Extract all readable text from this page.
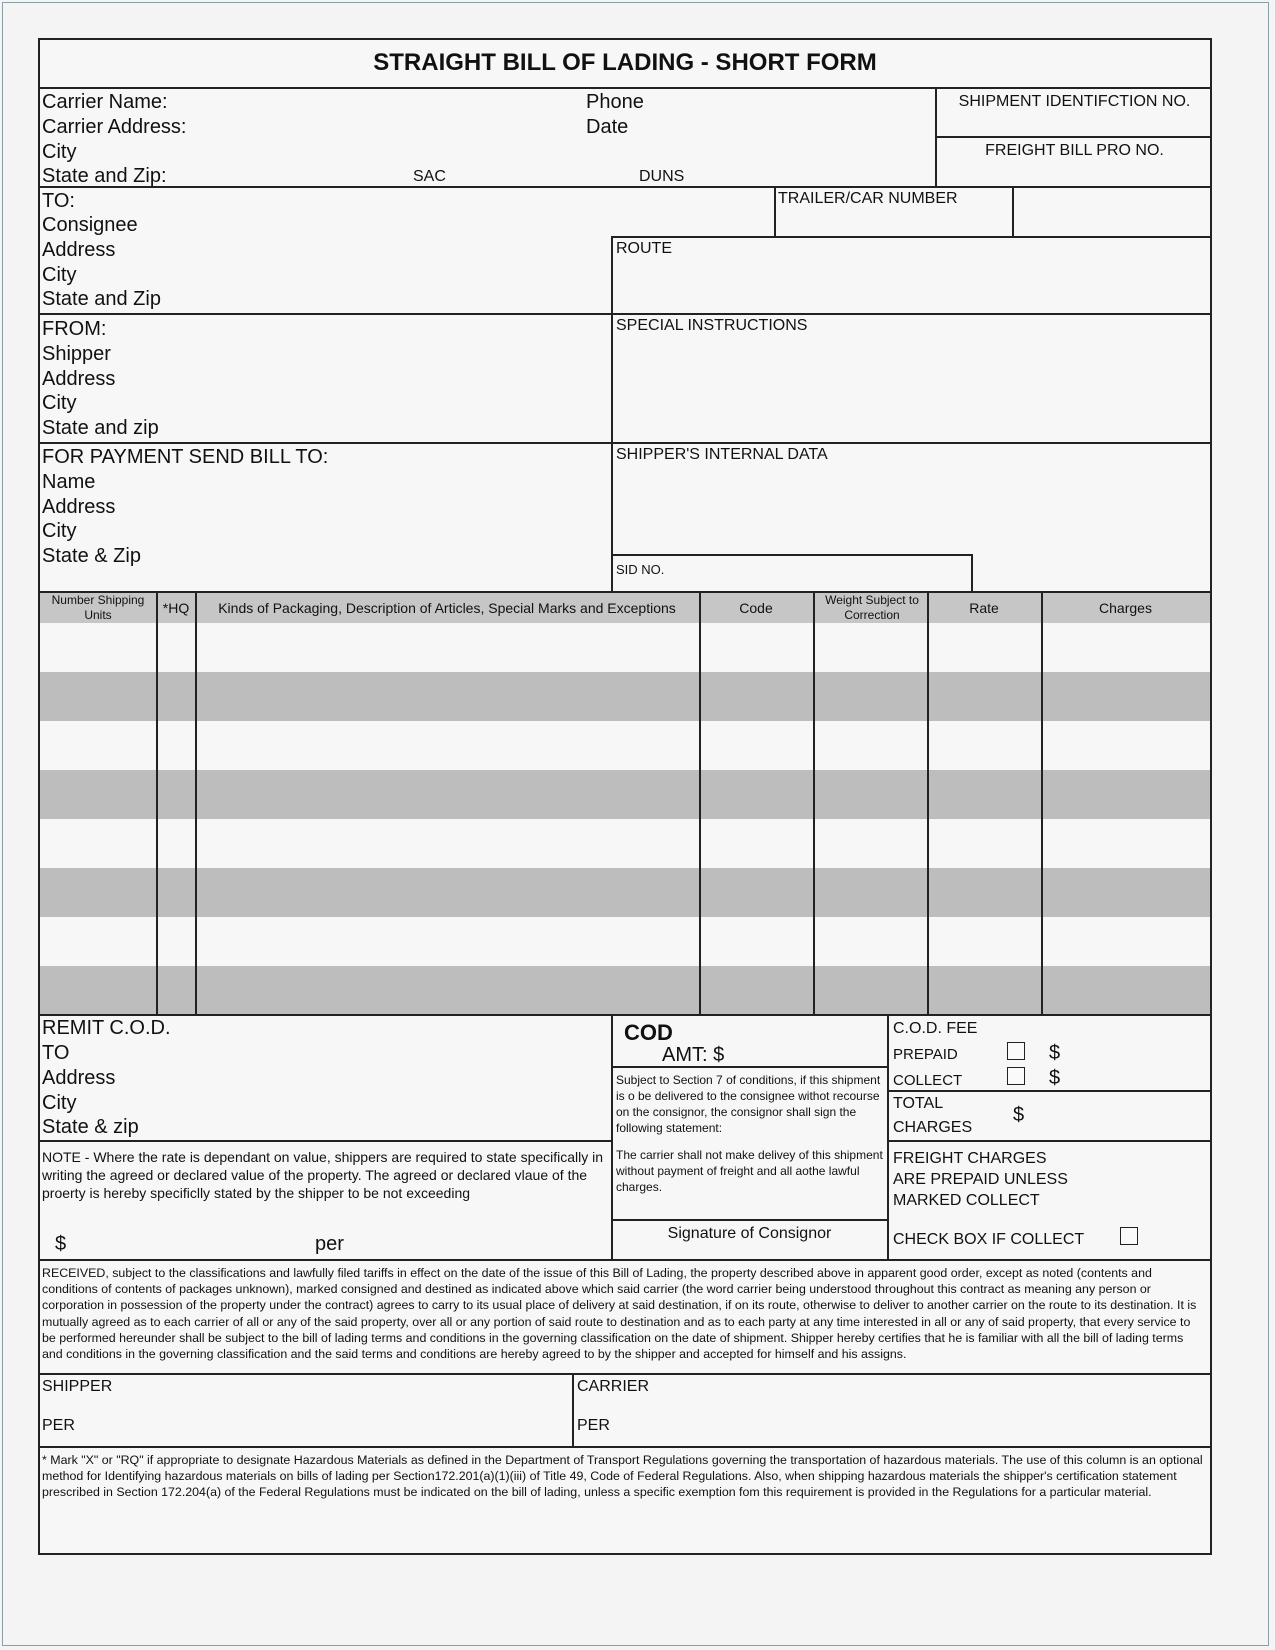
STRAIGHT BILL OF LADING - SHORT FORM
Carrier Name:
Carrier Address:
City
State and Zip:	SAC	DUNS
Phone
Date
SHIPMENT IDENTIFCTION NO.
FREIGHT BILL PRO NO.
TO:
Consignee
Address
City
State and Zip
TRAILER/CAR NUMBER
ROUTE
FROM:
Shipper
Address
City
State and zip
SPECIAL INSTRUCTIONS
FOR PAYMENT SEND BILL TO:
Name
Address
City
State & Zip
SHIPPER'S INTERNAL DATA
SID NO.
Number Shipping Units	*HQ	Kinds of Packaging, Description of Articles, Special Marks and Exceptions	Code	Weight Subject to Correction	Rate	Charges
REMIT C.O.D.
TO
Address
City
State & zip
COD
AMT: $
Subject to Section 7 of conditions, if this shipment is o be delivered to the consignee withot recourse on the consignor, the consignor shall sign the following statement:
The carrier shall not make delivey of this shipment without payment of freight and all aothe lawful charges.
Signature of Consignor
C.O.D. FEE
PREPAID	$
COLLECT	$
TOTAL
CHARGES
$
FREIGHT CHARGES
ARE PREPAID UNLESS
MARKED COLLECT
CHECK BOX IF COLLECT
NOTE - Where the rate is dependant on value, shippers are required to state specifically in writing the agreed or declared value of the property. The agreed or declared vlaue of the proerty is hereby specificlly stated by the shipper to be not exceeding
$	per
RECEIVED, subject to the classifications and lawfully filed tariffs in effect on the date of the issue of this Bill of Lading, the property described above in apparent good order, except as noted (contents and conditions of contents of packages unknown), marked consigned and destined as indicated above which said carrier (the word carrier being understood throughout this contract as meaning any person or corporation in possession of the property under the contract) agrees to carry to its usual place of delivery at said destination, if on its route, otherwise to deliver to another carrier on the route to its destination. It is mutually agreed as to each carrier of all or any of the said property, over all or any portion of said route to destination and as to each party at any time interested in all or any of said property, that every service to be performed hereunder shall be subject to the bill of lading terms and conditions in the governing classification on the date of shipment. Shipper hereby certifies that he is familiar with all the bill of lading terms and conditions in the governing classification and the said terms and conditions are hereby agreed to by the shipper and accepted for himself and his assigns.
SHIPPER
PER
CARRIER
PER
* Mark "X" or "RQ" if appropriate to designate Hazardous Materials as defined in the Department of Transport Regulations governing the transportation of hazardous materials. The use of this column is an optional method for Identifying hazardous materials on bills of lading per Section172.201(a)(1)(iii) of Title 49, Code of Federal Regulations. Also, when shipping hazardous materials the shipper's certification statement prescribed in Section 172.204(a) of the Federal Regulations must be indicated on the bill of lading, unless a specific exemption fom this requirement is provided in the Regulations for a particular material.
